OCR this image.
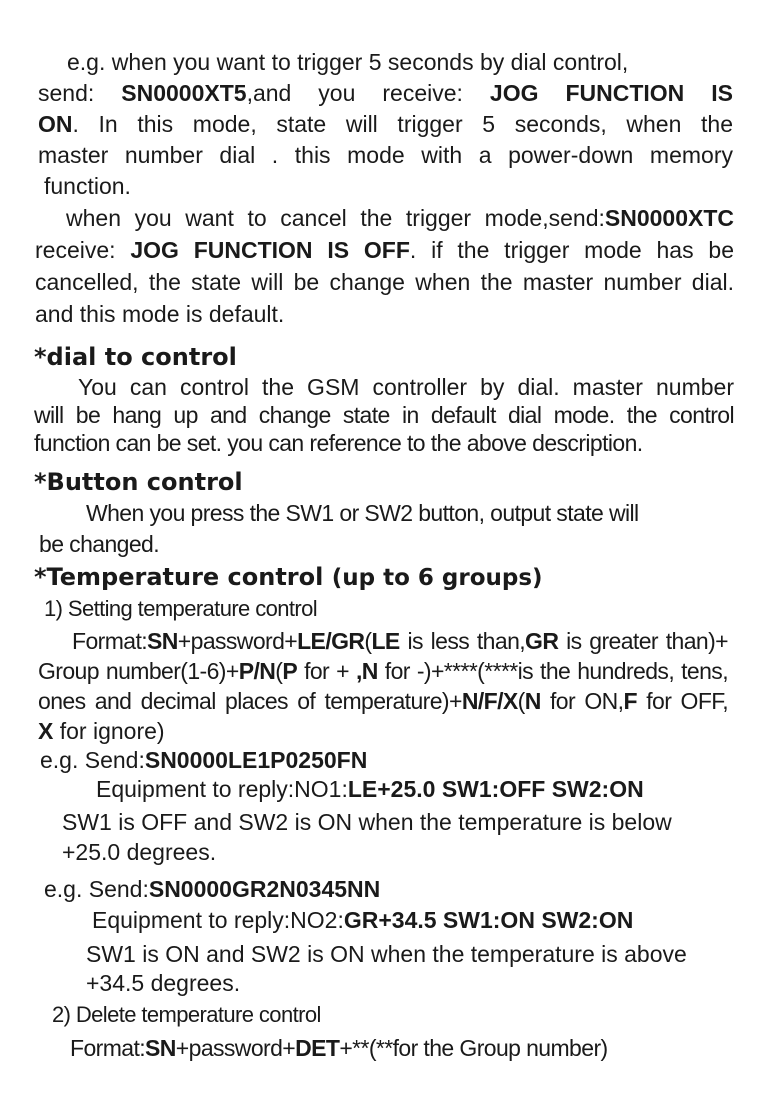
e.g. when you want to trigger 5 seconds by dial control,
send: SN0000XT5,and you receive: JOG FUNCTION IS
ON. In this mode, state will trigger 5 seconds, when the
master number dial . this mode with a power-down memory
function.
when you want to cancel the trigger mode,send:SN0000XTC
receive: JOG FUNCTION IS OFF. if the trigger mode has be
cancelled, the state will be change when the master number dial.
and this mode is default.
*dial to control
You can control the GSM controller by dial. master number
will be hang up and change state in default dial mode. the control
function can be set. you can reference to the above description.
*Button control
When you press the SW1 or SW2 button, output state will
be changed.
*Temperature control (up to 6 groups)
1) Setting temperature control
Format:SN+password+LE/GR(LE is less than,GR is greater than)+
Group number(1-6)+P/N(P for + ,N for -)+****(****is the hundreds, tens,
ones and decimal places of temperature)+N/F/X(N for ON,F for OFF,
X for ignore)
e.g. Send:SN0000LE1P0250FN
Equipment to reply:NO1:LE+25.0 SW1:OFF SW2:ON
SW1 is OFF and SW2 is ON when the temperature is below
+25.0 degrees.
e.g. Send:SN0000GR2N0345NN
Equipment to reply:NO2:GR+34.5 SW1:ON SW2:ON
SW1 is ON and SW2 is ON when the temperature is above
+34.5 degrees.
2) Delete temperature control
Format:SN+password+DET+**(**for the Group number)
